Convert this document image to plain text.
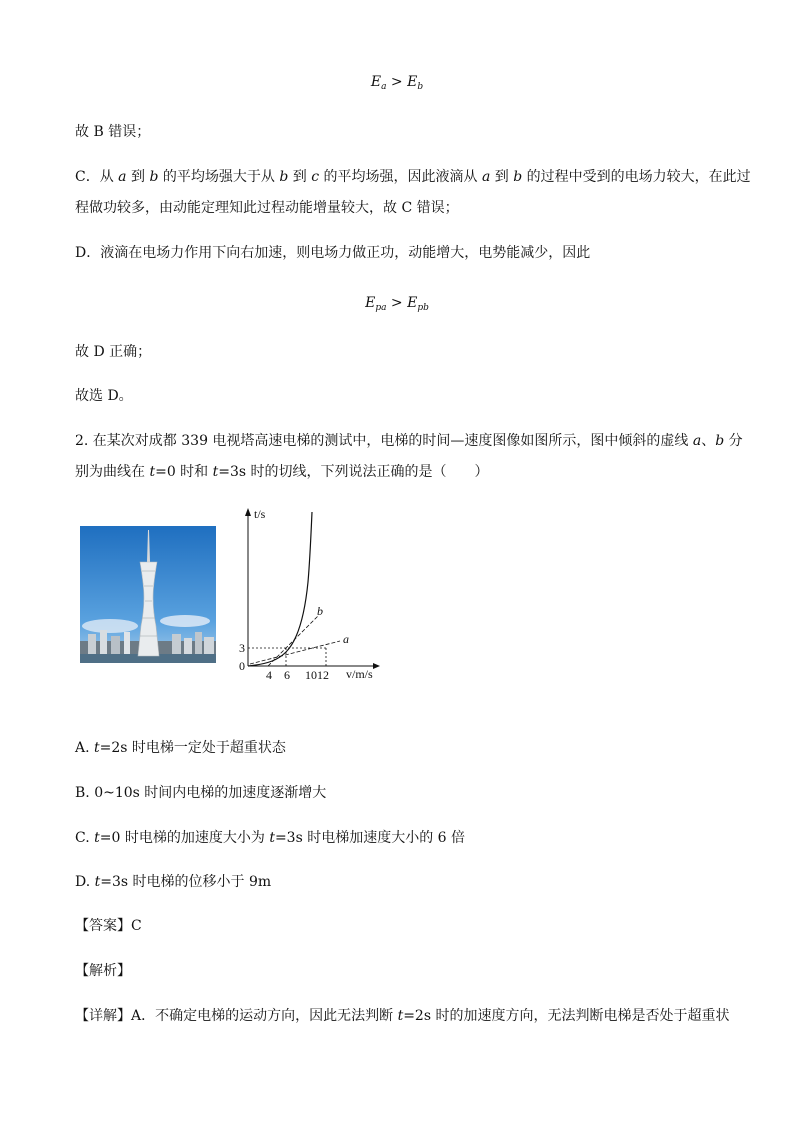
$E_a > E_b$
故 B 错误；
C．从 a 到 b 的平均场强大于从 b 到 c 的平均场强，因此液滴从 a 到 b 的过程中受到的电场力较大，在此过
程做功较多，由动能定理知此过程动能增量较大，故 C 错误；
D．液滴在电场力作用下向右加速，则电场力做正功，动能增大，电势能减少，因此
$E_{pa} > E_{pb}$
故 D 正确；
故选 D。
2. 在某次对成都 339 电视塔高速电梯的测试中，电梯的时间—速度图像如图所示，图中倾斜的虚线 a、b 分
别为曲线在 t=0 时和 t=3s 时的切线，下列说法正确的是（　　）
t/s
v/m/s
0
3
4 6 1012
a
b
A. t=2s 时电梯一定处于超重状态
B. 0~10s 时间内电梯的加速度逐渐增大
C. t=0 时电梯的加速度大小为 t=3s 时电梯加速度大小的 6 倍
D. t=3s 时电梯的位移小于 9m
【答案】C
【解析】
【详解】A．不确定电梯的运动方向，因此无法判断 t=2s 时的加速度方向，无法判断电梯是否处于超重状
